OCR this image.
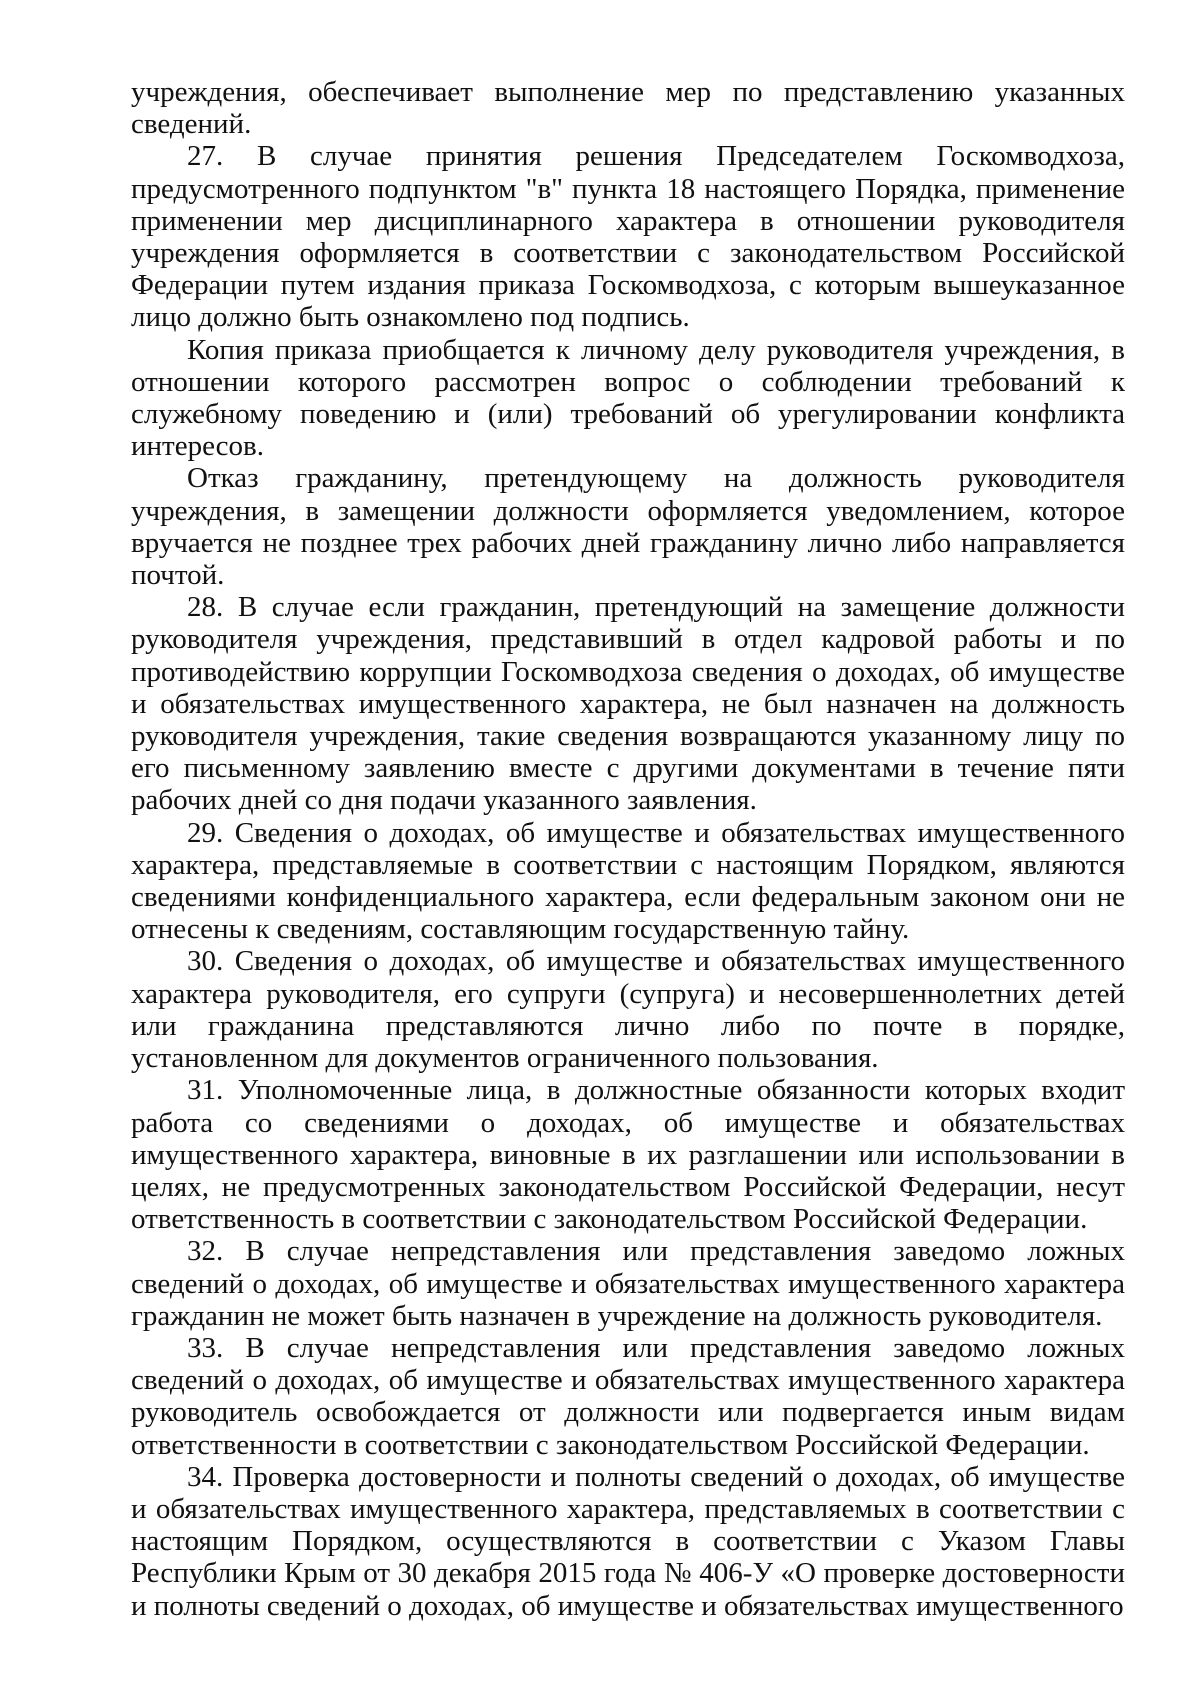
учреждения, обеспечивает выполнение мер по представлению указанных сведений.

27. В случае принятия решения Председателем Госкомводхоза, предусмотренного подпунктом "в" пункта 18 настоящего Порядка, применение применении мер дисциплинарного характера в отношении руководителя учреждения оформляется в соответствии с законодательством Российской Федерации путем издания приказа Госкомводхоза, с которым вышеуказанное лицо должно быть ознакомлено под подпись.

Копия приказа приобщается к личному делу руководителя учреждения, в отношении которого рассмотрен вопрос о соблюдении требований к служебному поведению и (или) требований об урегулировании конфликта интересов.

Отказ гражданину, претендующему на должность руководителя учреждения, в замещении должности оформляется уведомлением, которое вручается не позднее трех рабочих дней гражданину лично либо направляется почтой.

28. В случае если гражданин, претендующий на замещение должности руководителя учреждения, представивший в отдел кадровой работы и по противодействию коррупции Госкомводхоза сведения о доходах, об имуществе и обязательствах имущественного характера, не был назначен на должность руководителя учреждения, такие сведения возвращаются указанному лицу по его письменному заявлению вместе с другими документами в течение пяти рабочих дней со дня подачи указанного заявления.

29. Сведения о доходах, об имуществе и обязательствах имущественного характера, представляемые в соответствии с настоящим Порядком, являются сведениями конфиденциального характера, если федеральным законом они не отнесены к сведениям, составляющим государственную тайну.

30. Сведения о доходах, об имуществе и обязательствах имущественного характера руководителя, его супруги (супруга) и несовершеннолетних детей или гражданина представляются лично либо по почте в порядке, установленном для документов ограниченного пользования.

31. Уполномоченные лица, в должностные обязанности которых входит работа со сведениями о доходах, об имуществе и обязательствах имущественного характера, виновные в их разглашении или использовании в целях, не предусмотренных законодательством Российской Федерации, несут ответственность в соответствии с законодательством Российской Федерации.

32. В случае непредставления или представления заведомо ложных сведений о доходах, об имуществе и обязательствах имущественного характера гражданин не может быть назначен в учреждение на должность руководителя.

33. В случае непредставления или представления заведомо ложных сведений о доходах, об имуществе и обязательствах имущественного характера руководитель освобождается от должности или подвергается иным видам ответственности в соответствии с законодательством Российской Федерации.

34. Проверка достоверности и полноты сведений о доходах, об имуществе и обязательствах имущественного характера, представляемых в соответствии с настоящим Порядком, осуществляются в соответствии с Указом Главы Республики Крым от 30 декабря 2015 года № 406-У «О проверке достоверности и полноты сведений о доходах, об имуществе и обязательствах имущественного
